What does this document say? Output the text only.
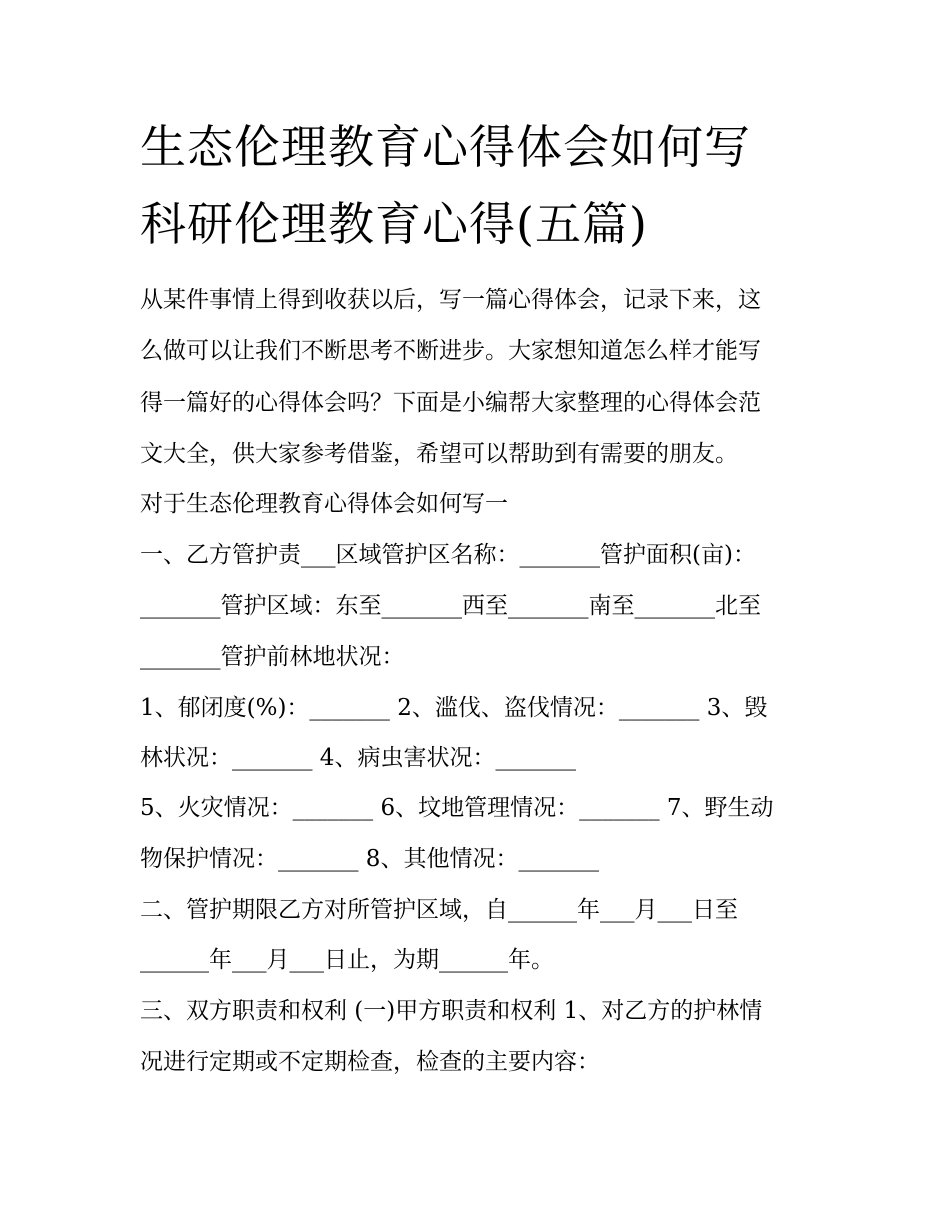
生态伦理教育心得体会如何写
科研伦理教育心得(五篇)

从某件事情上得到收获以后，写一篇心得体会，记录下来，这

么做可以让我们不断思考不断进步。大家想知道怎么样才能写

得一篇好的心得体会吗？下面是小编帮大家整理的心得体会范

文大全，供大家参考借鉴，希望可以帮助到有需要的朋友。

对于生态伦理教育心得体会如何写一

一、乙方管护责___区域管护区名称：_______管护面积(亩)：

_______管护区域：东至_______西至_______南至_______北至

_______管护前林地状况：

1、郁闭度(%)：_______ 2、滥伐、盗伐情况：_______ 3、毁

林状况：_______ 4、病虫害状况：_______

5、火灾情况：_______ 6、坟地管理情况：_______ 7、野生动

物保护情况：_______ 8、其他情况：_______

二、管护期限乙方对所管护区域，自______年___月___日至

______年___月___日止，为期______年。

三、双方职责和权利 (一)甲方职责和权利 1、对乙方的护林情

况进行定期或不定期检查，检查的主要内容：
